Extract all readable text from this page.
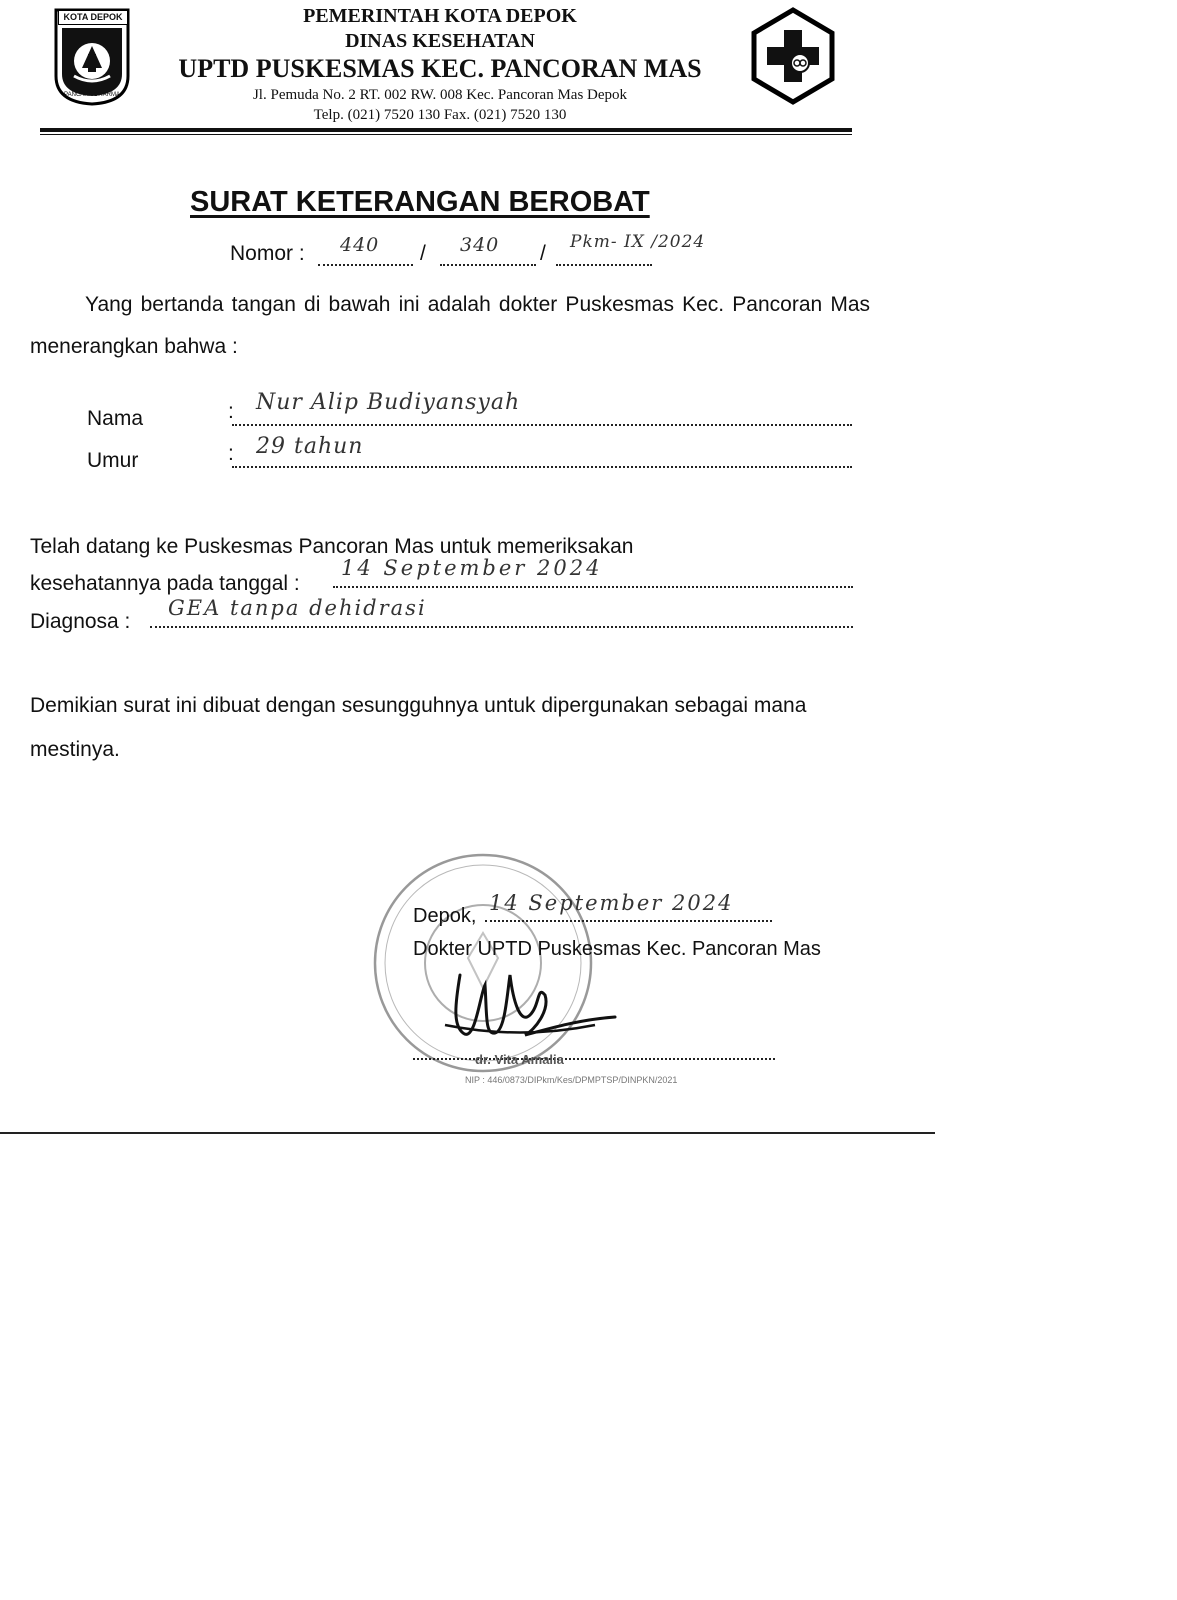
KOTA DEPOK
PANCARA DHARMA
PEMERINTAH KOTA DEPOK
DINAS KESEHATAN
UPTD PUSKESMAS KEC. PANCORAN MAS
Jl. Pemuda No. 2 RT. 002 RW. 008 Kec. Pancoran Mas Depok
Telp. (021) 7520 130 Fax. (021) 7520 130
SURAT KETERANGAN BEROBAT
Nomor : 440 / 340 / Pkm- IX /2024
Yang bertanda tangan di bawah ini adalah dokter Puskesmas Kec. Pancoran Mas menerangkan bahwa :
Nama	: Nur Alip Budiyansyah
Umur	: 29 tahun
Telah datang ke Puskesmas Pancoran Mas untuk memeriksakan
kesehatannya pada tanggal :
14 September 2024
Diagnosa :
GEA tanpa dehidrasi
Demikian surat ini dibuat dengan sesungguhnya untuk dipergunakan sebagai mana mestinya.
Depok,
14 September 2024
Dokter UPTD Puskesmas Kec. Pancoran Mas
dr. Vita Amalia
NIP : 446/0873/DIPkm/Kes/DPMPTSP/DINPKN/2021
